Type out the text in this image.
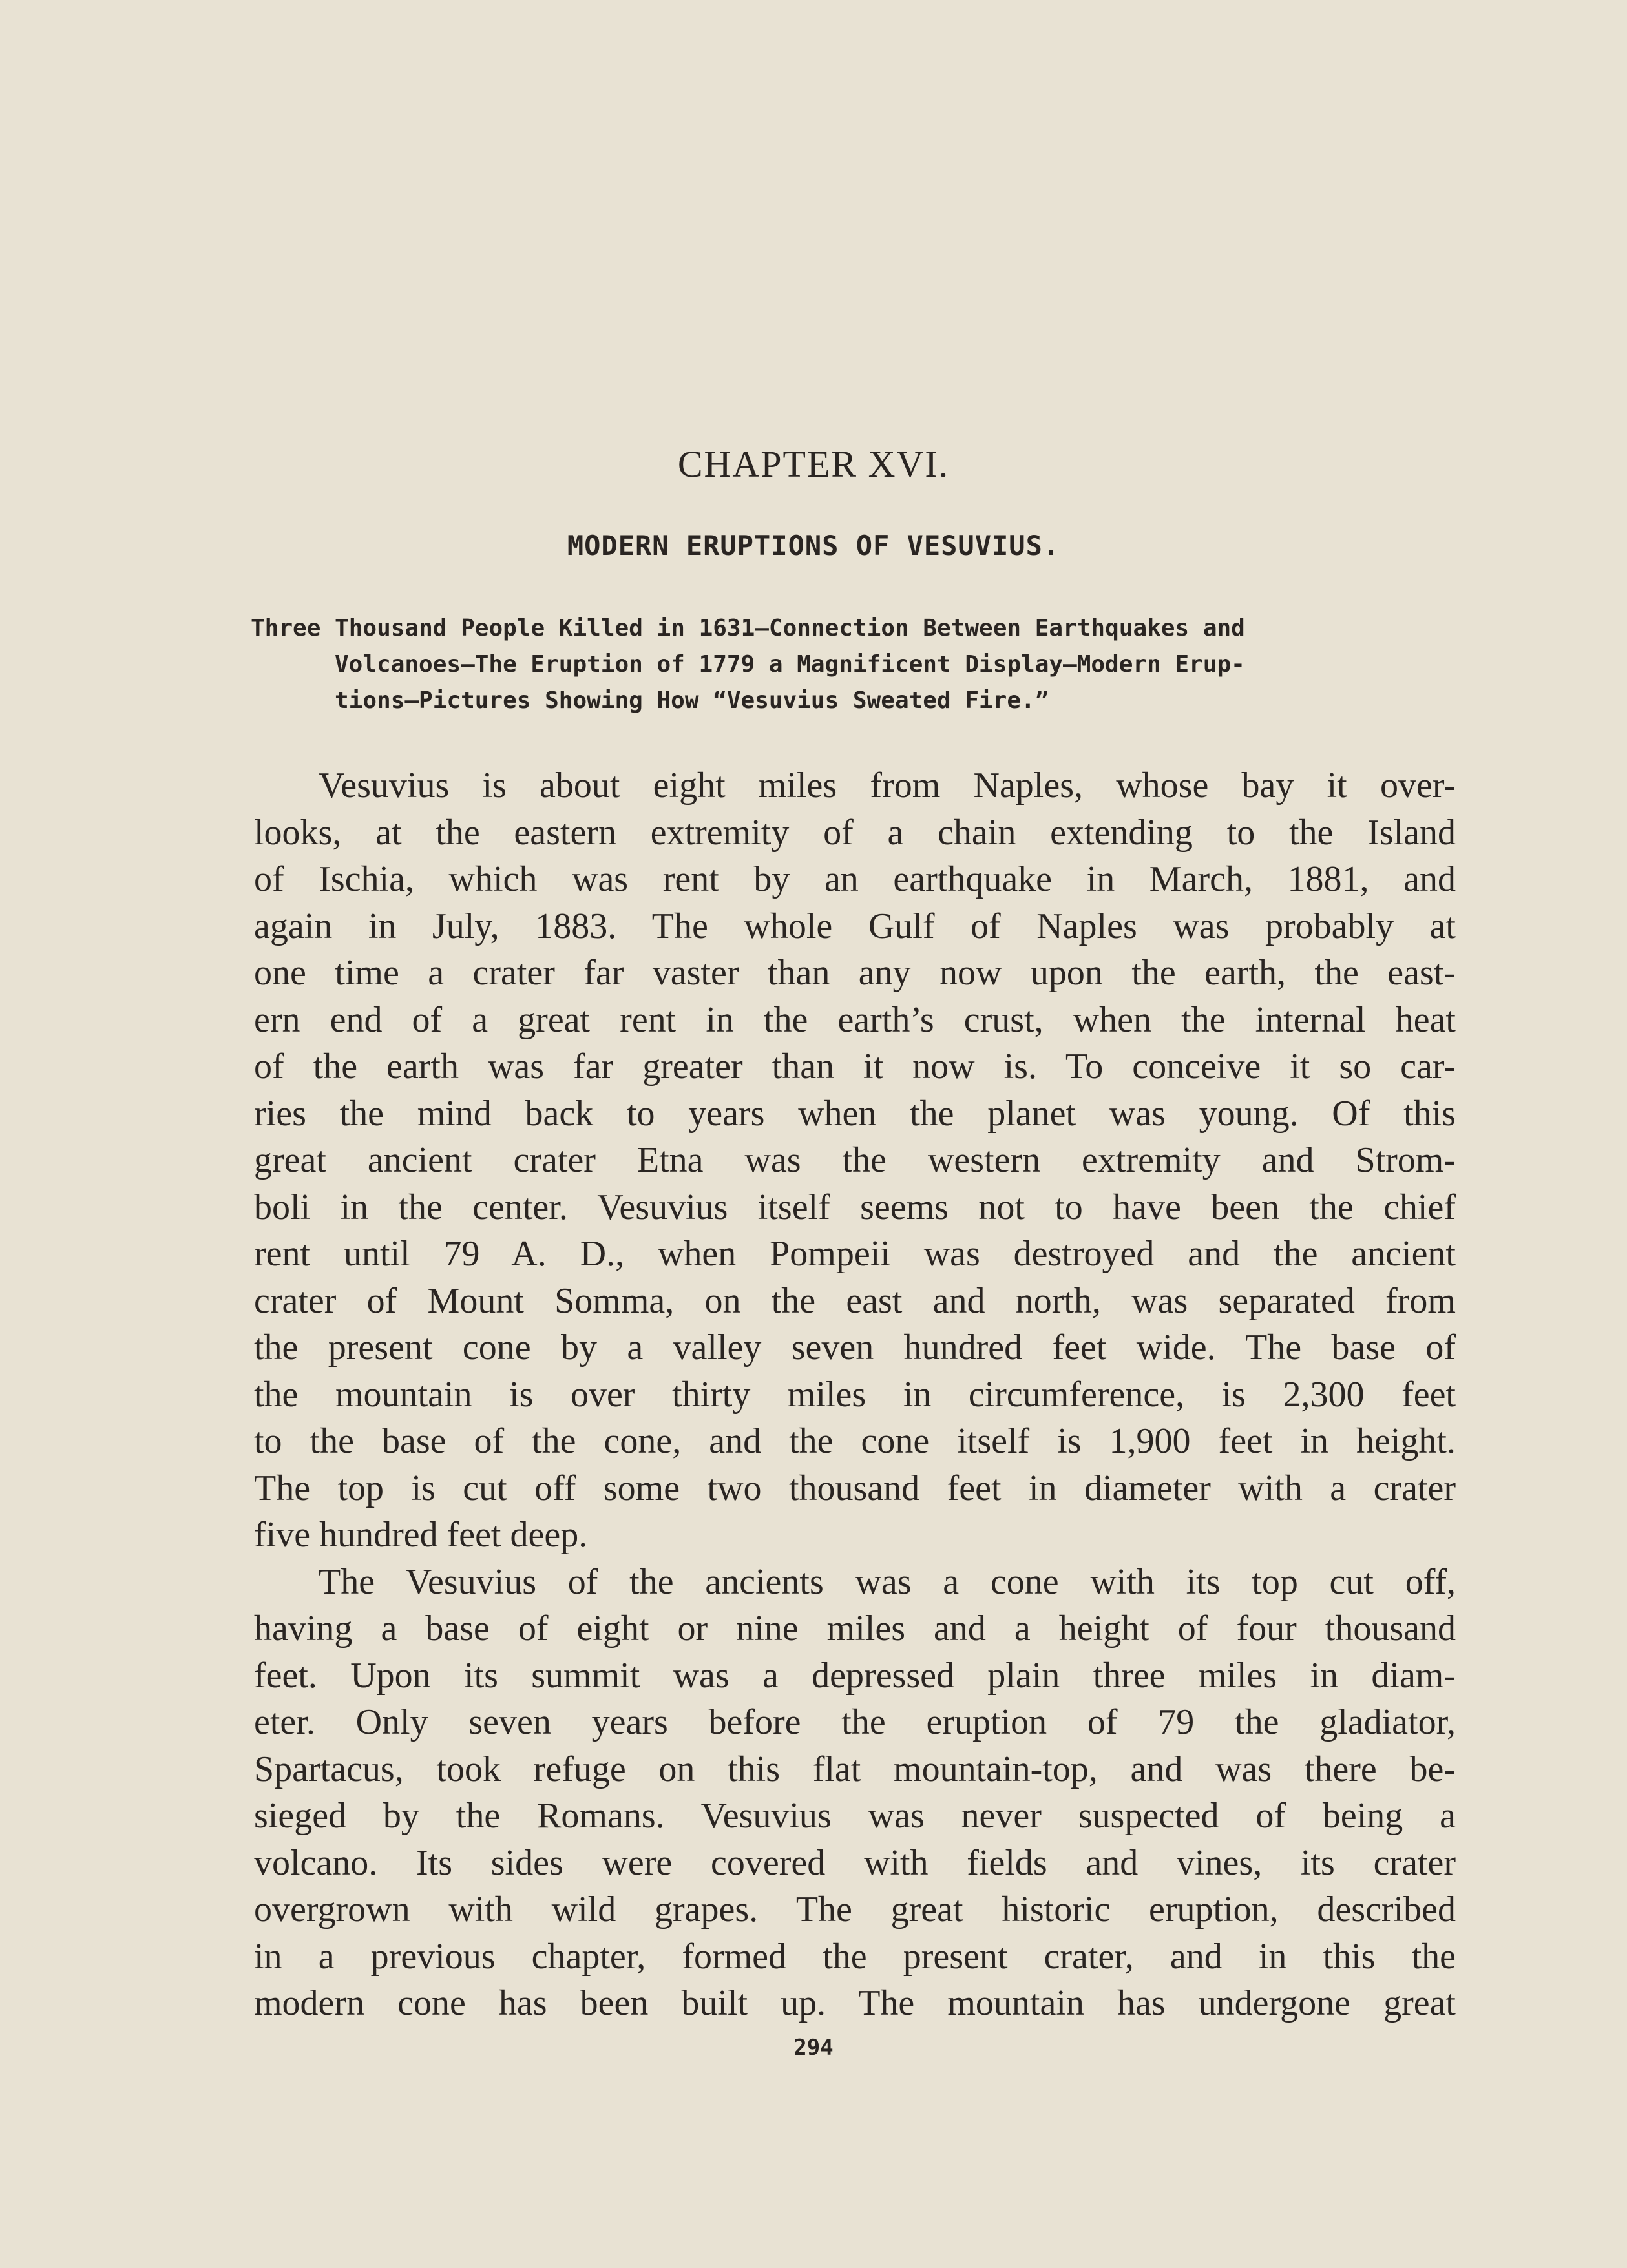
CHAPTER XVI.
MODERN ERUPTIONS OF VESUVIUS.

Three Thousand People Killed in 1631—Connection Between Earthquakes and
Volcanoes—The Eruption of 1779 a Magnificent Display—Modern Erup-
tions—Pictures Showing How “Vesuvius Sweated Fire.”

Vesuvius is about eight miles from Naples, whose bay it over-
looks, at the eastern extremity of a chain extending to the Island
of Ischia, which was rent by an earthquake in March, 1881, and
again in July, 1883. The whole Gulf of Naples was probably at
one time a crater far vaster than any now upon the earth, the east-
ern end of a great rent in the earth’s crust, when the internal heat
of the earth was far greater than it now is. To conceive it so car-
ries the mind back to years when the planet was young. Of this
great ancient crater Etna was the western extremity and Strom-
boli in the center. Vesuvius itself seems not to have been the chief
rent until 79 A. D., when Pompeii was destroyed and the ancient
crater of Mount Somma, on the east and north, was separated from
the present cone by a valley seven hundred feet wide. The base of
the mountain is over thirty miles in circumference, is 2,300 feet
to the base of the cone, and the cone itself is 1,900 feet in height.
The top is cut off some two thousand feet in diameter with a crater
five hundred feet deep.
The Vesuvius of the ancients was a cone with its top cut off,
having a base of eight or nine miles and a height of four thousand
feet. Upon its summit was a depressed plain three miles in diam-
eter. Only seven years before the eruption of 79 the gladiator,
Spartacus, took refuge on this flat mountain-top, and was there be-
sieged by the Romans. Vesuvius was never suspected of being a
volcano. Its sides were covered with fields and vines, its crater
overgrown with wild grapes. The great historic eruption, described
in a previous chapter, formed the present crater, and in this the
modern cone has been built up. The mountain has undergone great
294
